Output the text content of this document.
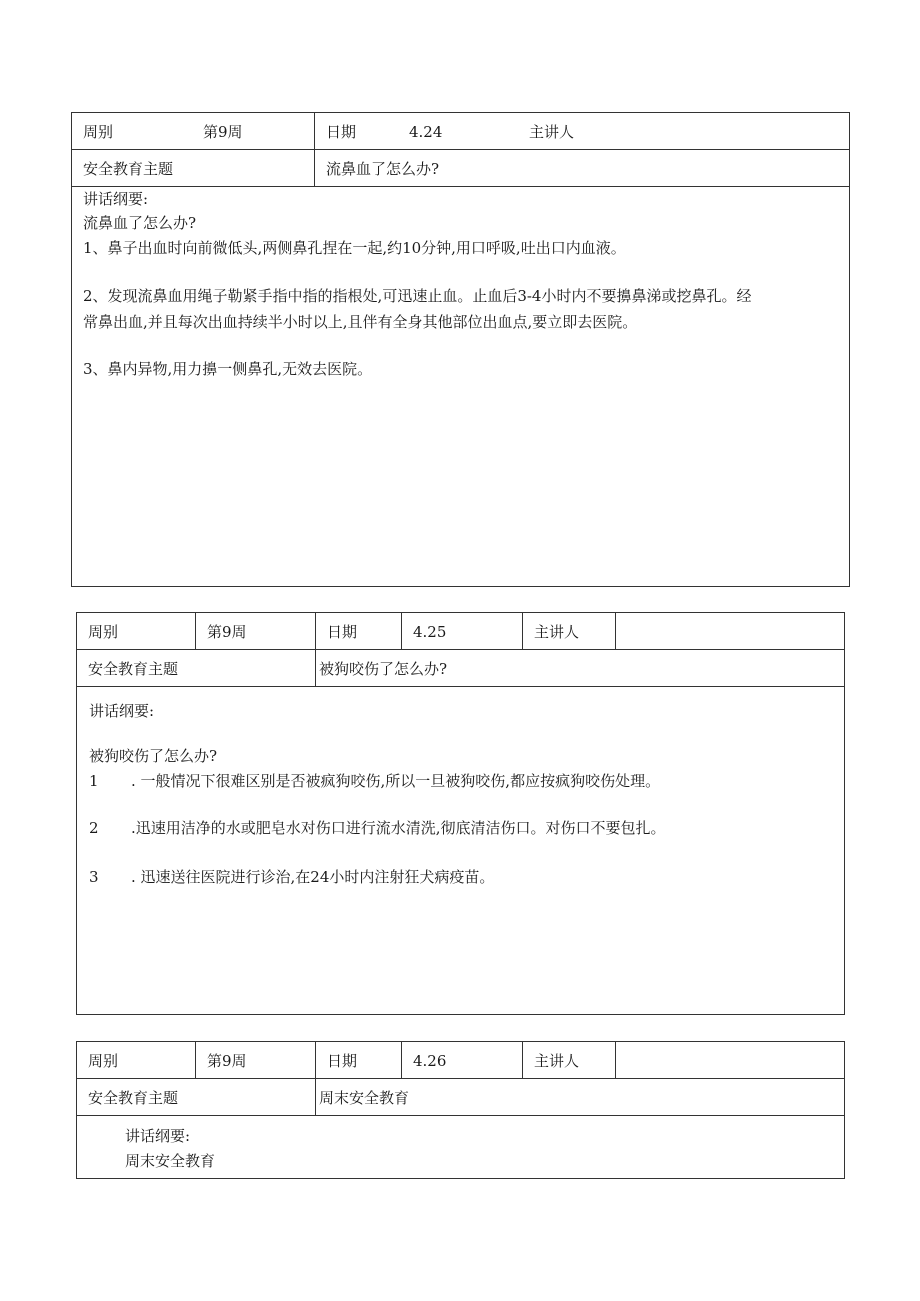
周别	第9周	日期	4.24	主讲人
安全教育主题	流鼻血了怎么办?
讲话纲要:
流鼻血了怎么办?
1、鼻子出血时向前微低头,两侧鼻孔捏在一起,约10分钟,用口呼吸,吐出口内血液。
2、发现流鼻血用绳子勒紧手指中指的指根处,可迅速止血。止血后3-4小时内不要擤鼻涕或挖鼻孔。经
常鼻出血,并且每次出血持续半小时以上,且伴有全身其他部位出血点,要立即去医院。
3、鼻内异物,用力擤一侧鼻孔,无效去医院。
周别	第9周	日期	4.25	主讲人
安全教育主题	被狗咬伤了怎么办?
讲话纲要:
被狗咬伤了怎么办?
1 . 一般情况下很难区别是否被疯狗咬伤,所以一旦被狗咬伤,都应按疯狗咬伤处理。
2 .迅速用洁净的水或肥皂水对伤口进行流水清洗,彻底清洁伤口。对伤口不要包扎。
3 . 迅速送往医院进行诊治,在24小时内注射狂犬病疫苗。
周别	第9周	日期	4.26	主讲人
安全教育主题	周末安全教育
讲话纲要:
周末安全教育
